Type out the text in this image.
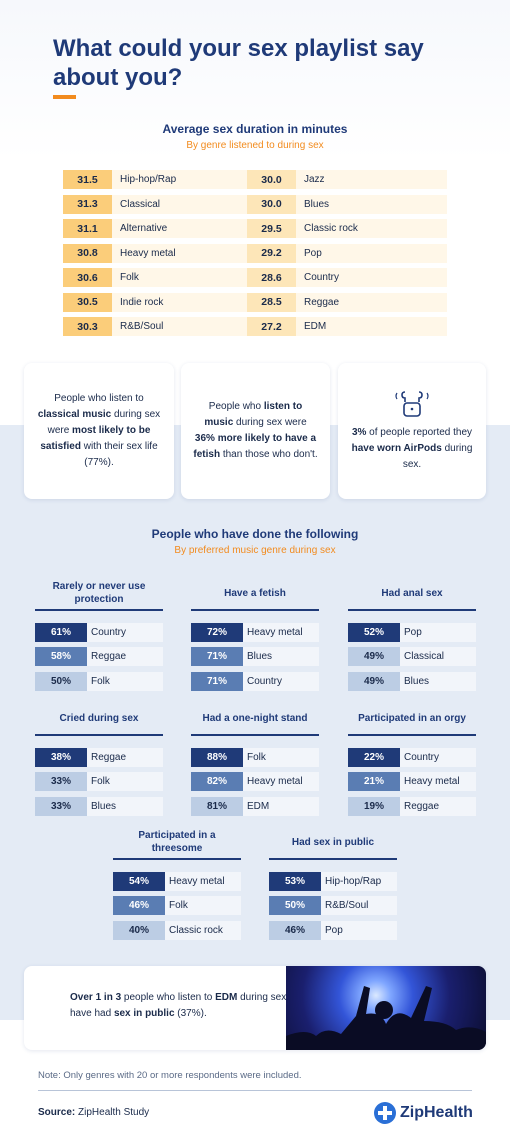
What could your sex playlist say about you?
Average sex duration in minutes
By genre listened to during sex
31.5	Hip-hop/Rap
31.3	Classical
31.1	Alternative
30.8	Heavy metal
30.6	Folk
30.5	Indie rock
30.3	R&B/Soul
30.0	Jazz
30.0	Blues
29.5	Classic rock
29.2	Pop
28.6	Country
28.5	Reggae
27.2	EDM

People who listen to classical music during sex were most likely to be satisfied with their sex life (77%).

People who listen to music during sex were 36% more likely to have a fetish than those who don't.

3% of people reported they have worn AirPods during sex.

People who have done the following
By preferred music genre during sex
Rarely or never use protection
61%	Country
58%	Reggae
50%	Folk
Have a fetish
72%	Heavy metal
71%	Blues
71%	Country
Had anal sex
52%	Pop
49%	Classical
49%	Blues
Cried during sex
38%	Reggae
33%	Folk
33%	Blues
Had a one-night stand
88%	Folk
82%	Heavy metal
81%	EDM
Participated in an orgy
22%	Country
21%	Heavy metal
19%	Reggae
Participated in a threesome
54%	Heavy metal
46%	Folk
40%	Classic rock
Had sex in public
53%	Hip-hop/Rap
50%	R&B/Soul
46%	Pop
Over 1 in 3 people who listen to EDM during sex have had sex in public (37%).
Note: Only genres with 20 or more respondents were included.
Source: ZipHealth Study	ZipHealth
